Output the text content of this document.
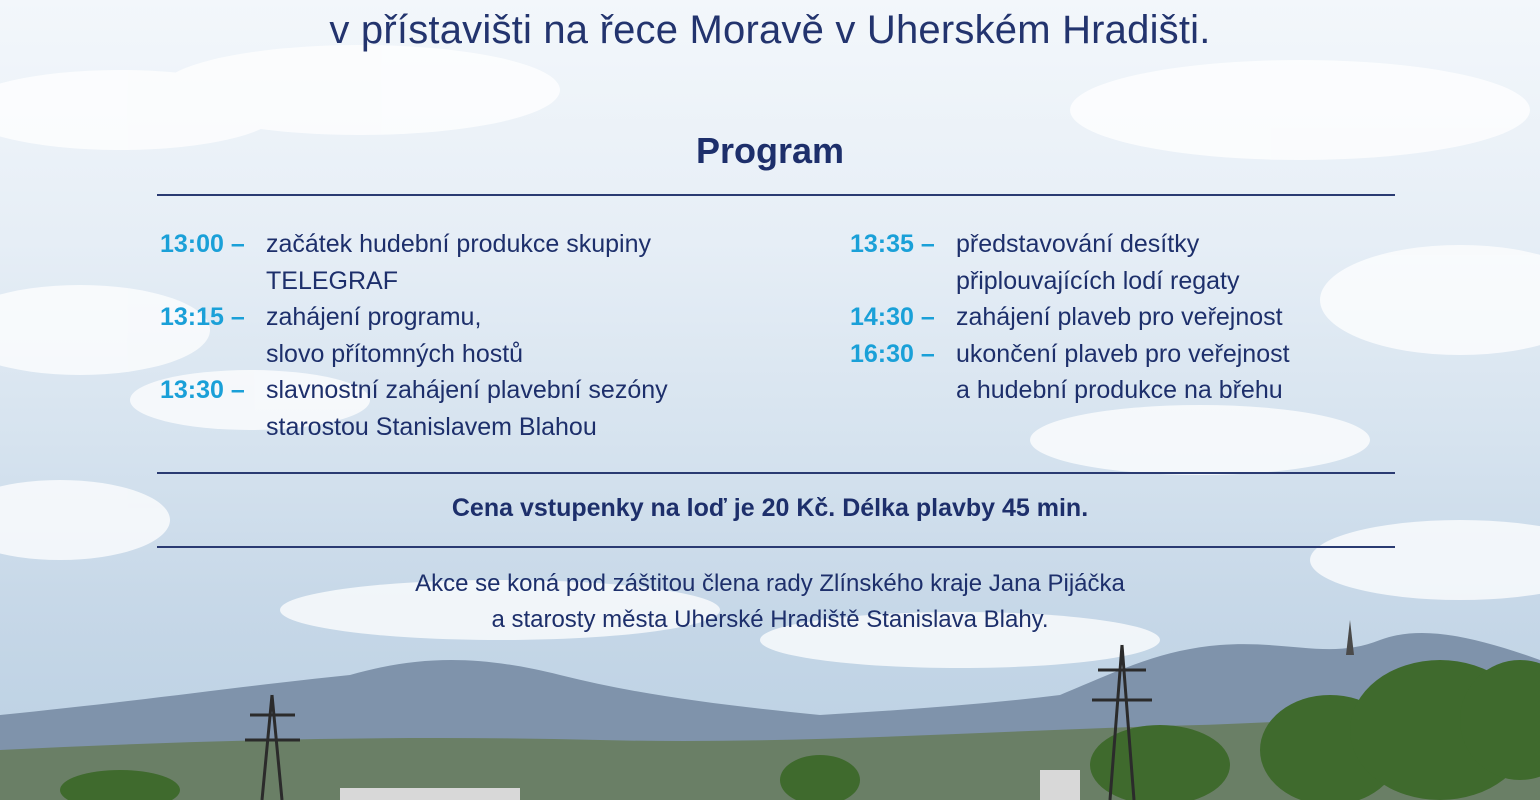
v přístavišti na řece Moravě v Uherském Hradišti.
Program
13:00 – začátek hudební produkce skupiny
TELEGRAF
13:15 – zahájení programu,
slovo přítomných hostů
13:30 – slavnostní zahájení plavební sezóny
starostou Stanislavem Blahou
13:35 – představování desítky
připlouvajících lodí regaty
14:30 – zahájení plaveb pro veřejnost
16:30 – ukončení plaveb pro veřejnost
a hudební produkce na břehu
Cena vstupenky na loď je 20 Kč. Délka plavby 45 min.
Akce se koná pod záštitou člena rady Zlínského kraje Jana Pijáčka
a starosty města Uherské Hradiště Stanislava Blahy.
